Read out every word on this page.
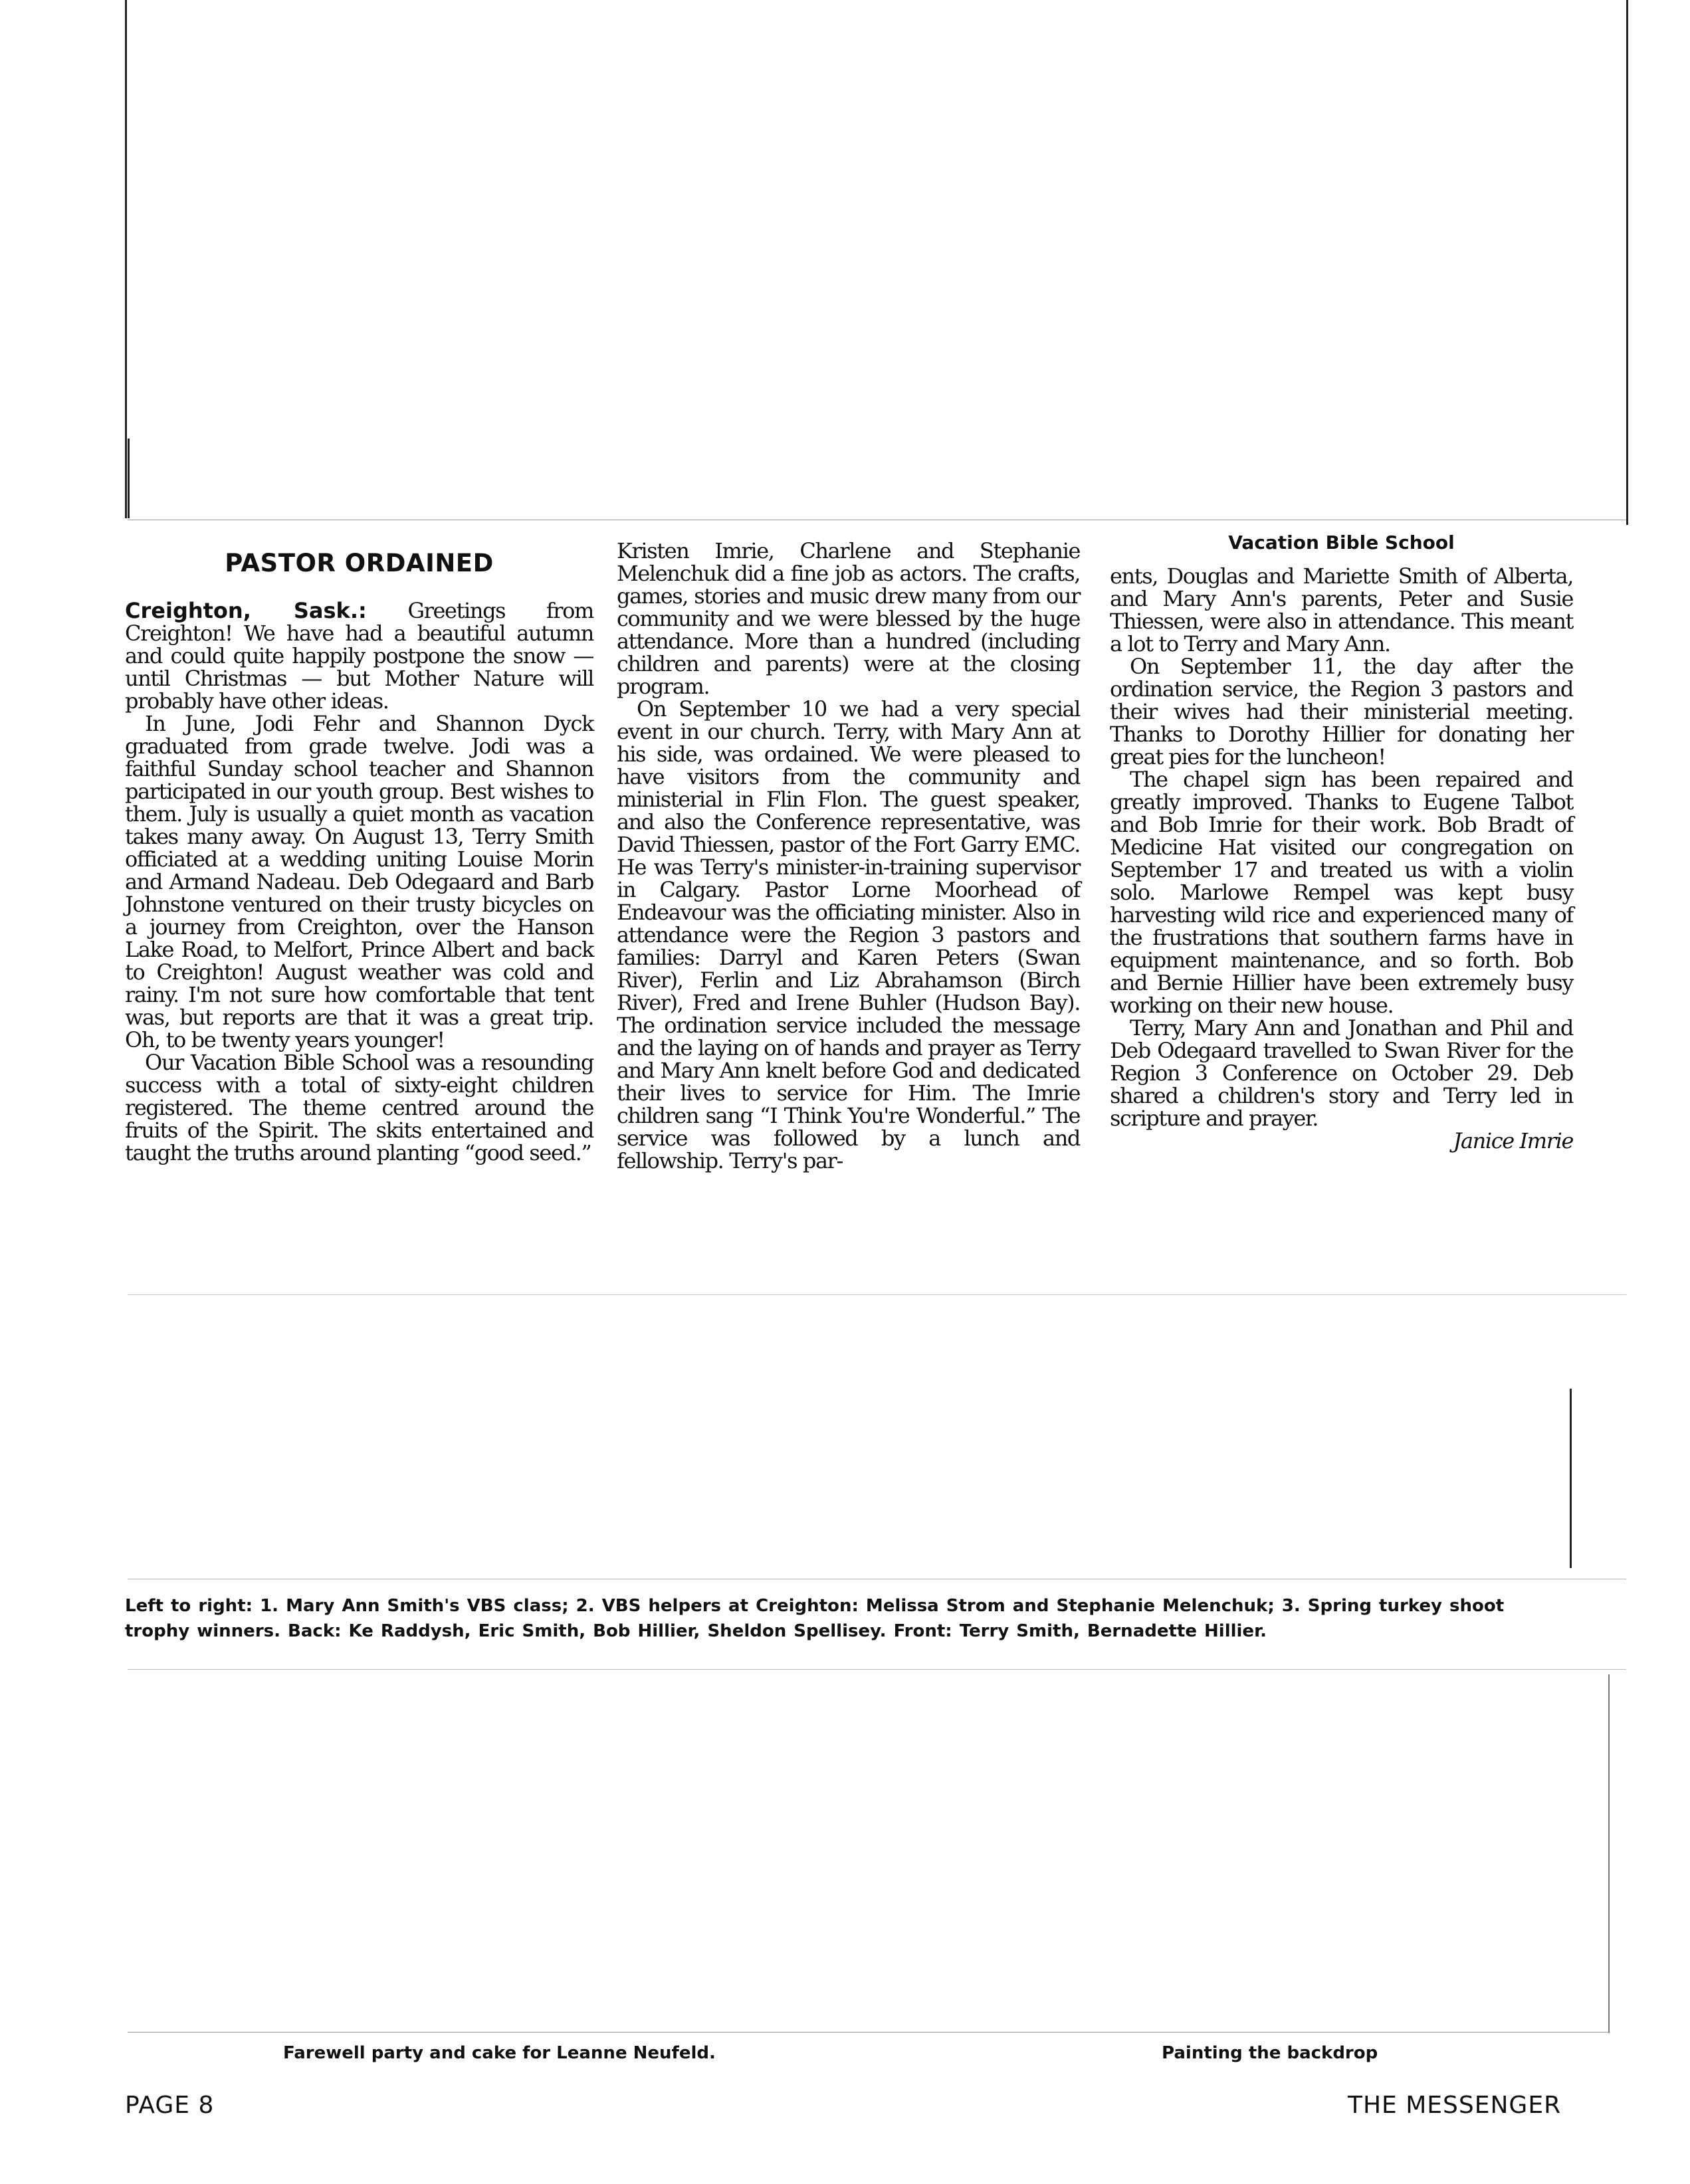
PASTOR ORDAINED
Vacation Bible School

Creighton, Sask.: Greetings from Creighton! We have had a beautiful autumn and could quite happily postpone the snow — until Christmas — but Mother Nature will probably have other ideas.

In June, Jodi Fehr and Shannon Dyck graduated from grade twelve. Jodi was a faithful Sunday school teacher and Shannon participated in our youth group. Best wishes to them. July is usually a quiet month as vacation takes many away. On August 13, Terry Smith officiated at a wedding uniting Louise Morin and Armand Nadeau. Deb Odegaard and Barb Johnstone ventured on their trusty bicycles on a journey from Creighton, over the Hanson Lake Road, to Melfort, Prince Albert and back to Creighton! August weather was cold and rainy. I'm not sure how comfortable that tent was, but reports are that it was a great trip. Oh, to be twenty years younger!

Our Vacation Bible School was a resounding success with a total of sixty-eight children registered. The theme centred around the fruits of the Spirit. The skits entertained and taught the truths around planting “good seed.”

Kristen Imrie, Charlene and Stephanie Melenchuk did a fine job as actors. The crafts, games, stories and music drew many from our community and we were blessed by the huge attendance. More than a hundred (including children and parents) were at the closing program.

On September 10 we had a very special event in our church. Terry, with Mary Ann at his side, was ordained. We were pleased to have visitors from the community and ministerial in Flin Flon. The guest speaker, and also the Conference representative, was David Thiessen, pastor of the Fort Garry EMC. He was Terry's minister-in-training supervisor in Calgary. Pastor Lorne Moorhead of Endeavour was the officiating minister. Also in attendance were the Region 3 pastors and families: Darryl and Karen Peters (Swan River), Ferlin and Liz Abrahamson (Birch River), Fred and Irene Buhler (Hudson Bay). The ordination service included the message and the laying on of hands and prayer as Terry and Mary Ann knelt before God and dedicated their lives to service for Him. The Imrie children sang “I Think You're Wonderful.” The service was followed by a lunch and fellowship. Terry's par-

ents, Douglas and Mariette Smith of Alberta, and Mary Ann's parents, Peter and Susie Thiessen, were also in attendance. This meant a lot to Terry and Mary Ann.

On September 11, the day after the ordination service, the Region 3 pastors and their wives had their ministerial meeting. Thanks to Dorothy Hillier for donating her great pies for the luncheon!

The chapel sign has been repaired and greatly improved. Thanks to Eugene Talbot and Bob Imrie for their work. Bob Bradt of Medicine Hat visited our congregation on September 17 and treated us with a violin solo. Marlowe Rempel was kept busy harvesting wild rice and experienced many of the frustrations that southern farms have in equipment maintenance, and so forth. Bob and Bernie Hillier have been extremely busy working on their new house.

Terry, Mary Ann and Jonathan and Phil and Deb Odegaard travelled to Swan River for the Region 3 Conference on October 29. Deb shared a children's story and Terry led in scripture and prayer.

Janice Imrie

Left to right: 1. Mary Ann Smith's VBS class; 2. VBS helpers at Creighton: Melissa Strom and Stephanie Melenchuk; 3. Spring turkey shoot trophy winners. Back: Ke Raddysh, Eric Smith, Bob Hillier, Sheldon Spellisey. Front: Terry Smith, Bernadette Hillier.
Farewell party and cake for Leanne Neufeld.	Painting the backdrop
PAGE 8	THE MESSENGER
